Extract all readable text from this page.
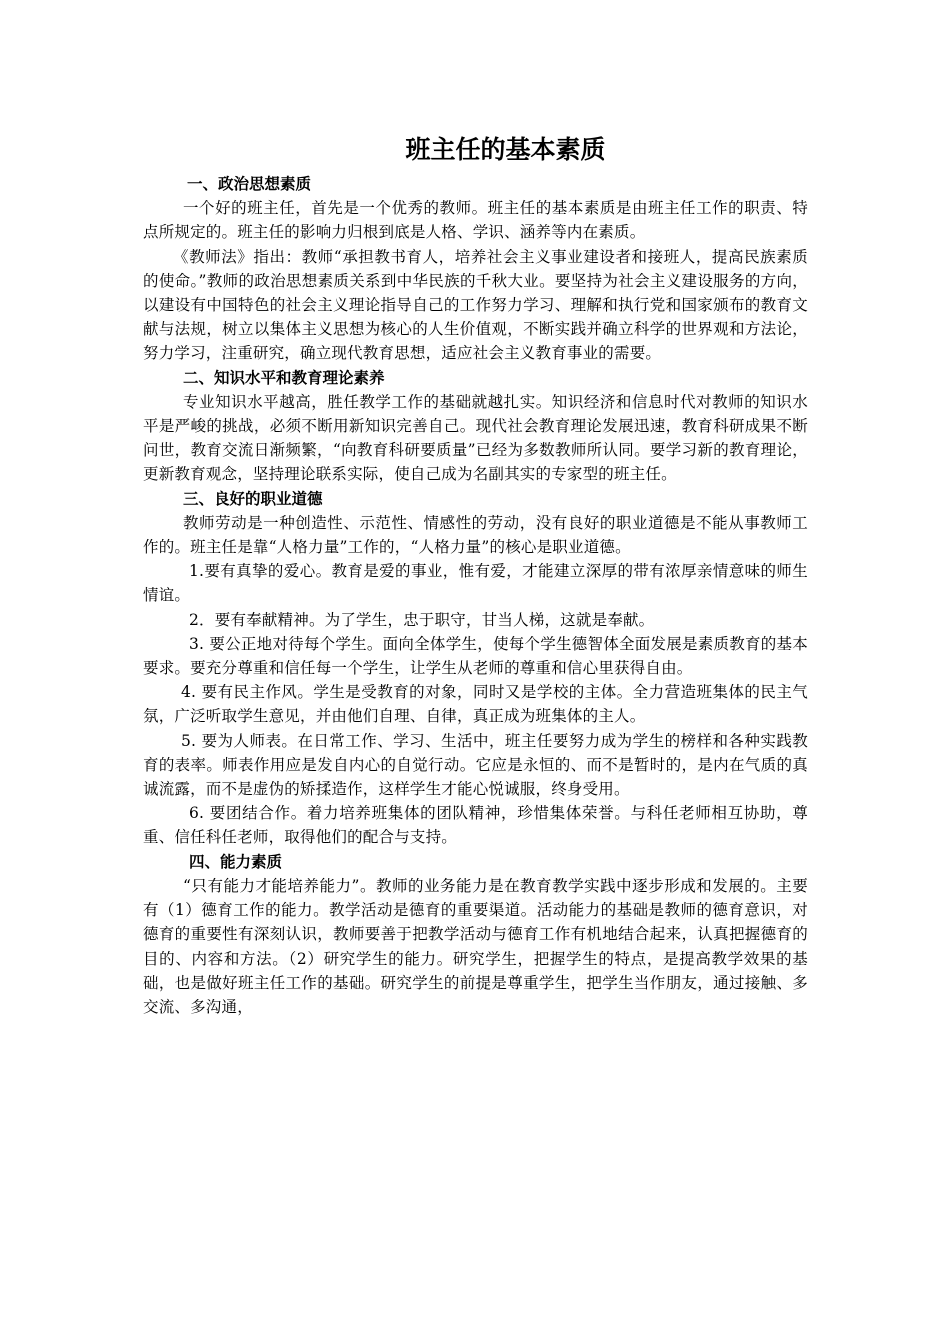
班主任的基本素质

一、政治思想素质

一个好的班主任，首先是一个优秀的教师。班主任的基本素质是由班主任工作的职责、特点所规定的。班主任的影响力归根到底是人格、学识、涵养等内在素质。

《教师法》指出：教师“承担教书育人，培养社会主义事业建设者和接班人，提高民族素质的使命。”教师的政治思想素质关系到中华民族的千秋大业。要坚持为社会主义建设服务的方向，以建设有中国特色的社会主义理论指导自己的工作努力学习、理解和执行党和国家颁布的教育文献与法规，树立以集体主义思想为核心的人生价值观，不断实践并确立科学的世界观和方法论，努力学习，注重研究，确立现代教育思想，适应社会主义教育事业的需要。

二、知识水平和教育理论素养

专业知识水平越高，胜任教学工作的基础就越扎实。知识经济和信息时代对教师的知识水平是严峻的挑战，必须不断用新知识完善自己。现代社会教育理论发展迅速，教育科研成果不断问世，教育交流日渐频繁，“向教育科研要质量”已经为多数教师所认同。要学习新的教育理论，更新教育观念，坚持理论联系实际，使自己成为名副其实的专家型的班主任。

三、良好的职业道德

教师劳动是一种创造性、示范性、情感性的劳动，没有良好的职业道德是不能从事教师工作的。班主任是靠“人格力量”工作的，“人格力量”的核心是职业道德。

1.要有真挚的爱心。教育是爱的事业，惟有爱，才能建立深厚的带有浓厚亲情意味的师生情谊。

2．要有奉献精神。为了学生，忠于职守，甘当人梯，这就是奉献。

3. 要公正地对待每个学生。面向全体学生，使每个学生德智体全面发展是素质教育的基本要求。要充分尊重和信任每一个学生，让学生从老师的尊重和信心里获得自由。

4. 要有民主作风。学生是受教育的对象，同时又是学校的主体。全力营造班集体的民主气氛，广泛听取学生意见，并由他们自理、自律，真正成为班集体的主人。

5. 要为人师表。在日常工作、学习、生活中，班主任要努力成为学生的榜样和各种实践教育的表率。师表作用应是发自内心的自觉行动。它应是永恒的、而不是暂时的，是内在气质的真诚流露，而不是虚伪的矫揉造作，这样学生才能心悦诚服，终身受用。

6. 要团结合作。着力培养班集体的团队精神，珍惜集体荣誉。与科任老师相互协助，尊重、信任科任老师，取得他们的配合与支持。

四、能力素质

“只有能力才能培养能力”。教师的业务能力是在教育教学实践中逐步形成和发展的。主要有（1）德育工作的能力。教学活动是德育的重要渠道。活动能力的基础是教师的德育意识，对德育的重要性有深刻认识，教师要善于把教学活动与德育工作有机地结合起来，认真把握德育的目的、内容和方法。（2）研究学生的能力。研究学生，把握学生的特点，是提高教学效果的基础，也是做好班主任工作的基础。研究学生的前提是尊重学生，把学生当作朋友，通过接触、多交流、多沟通，
